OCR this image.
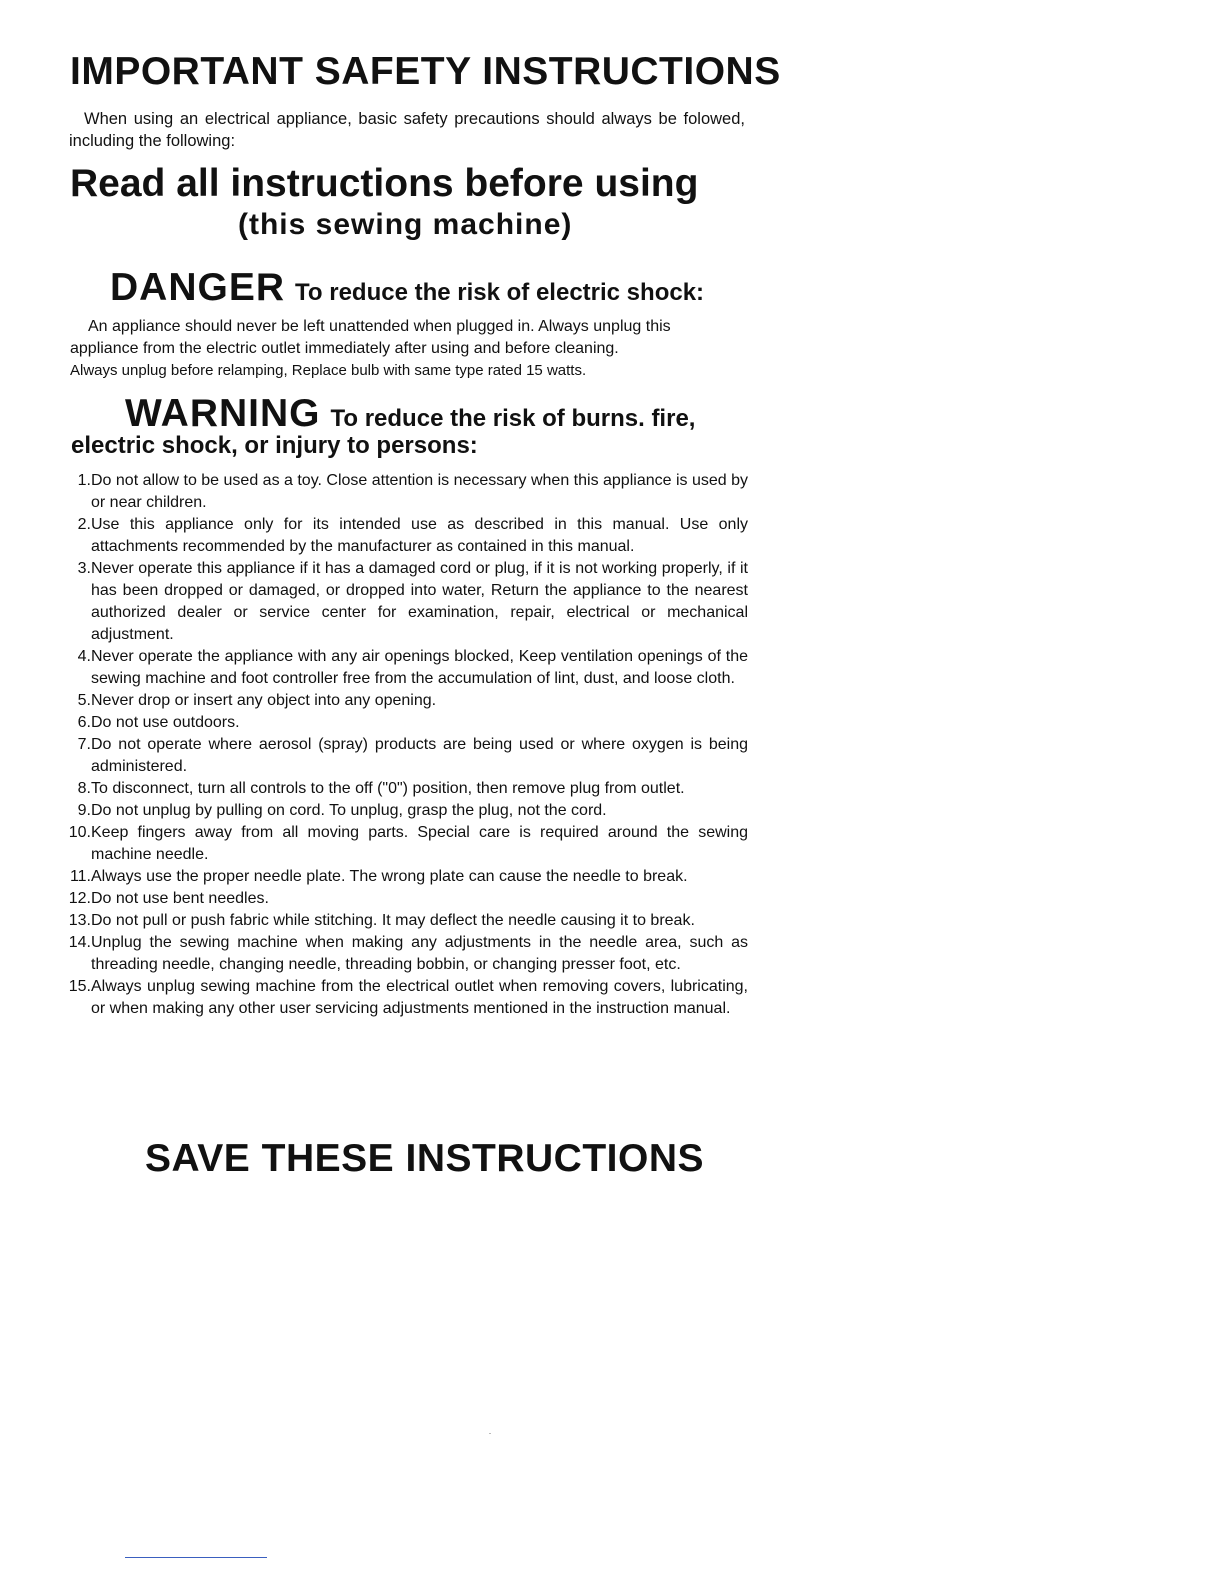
IMPORTANT SAFETY INSTRUCTIONS
When using an electrical appliance, basic safety precautions should always be folowed, including the following:
Read all instructions before using
(this sewing machine)
DANGER To reduce the risk of electric shock:
An appliance should never be left unattended when plugged in. Always unplug this
appliance from the electric outlet immediately after using and before cleaning.
Always unplug before relamping, Replace bulb with same type rated 15 watts.
WARNING To reduce the risk of burns. fire,
electric shock, or injury to persons:
1. Do not allow to be used as a toy. Close attention is necessary when this appliance is used by or near children.
2. Use this appliance only for its intended use as described in this manual. Use only attachments recommended by the manufacturer as contained in this manual.
3. Never operate this appliance if it has a damaged cord or plug, if it is not working properly, if it has been dropped or damaged, or dropped into water, Return the appliance to the nearest authorized dealer or service center for examination, repair, electrical or mechanical adjustment.
4. Never operate the appliance with any air openings blocked, Keep ventilation openings of the sewing machine and foot controller free from the accumulation of lint, dust, and loose cloth.
5. Never drop or insert any object into any opening.
6. Do not use outdoors.
7. Do not operate where aerosol (spray) products are being used or where oxygen is being administered.
8. To disconnect, turn all controls to the off ("0") position, then remove plug from outlet.
9. Do not unplug by pulling on cord. To unplug, grasp the plug, not the cord.
10. Keep fingers away from all moving parts. Special care is required around the sewing machine needle.
11. Always use the proper needle plate. The wrong plate can cause the needle to break.
12. Do not use bent needles.
13. Do not pull or push fabric while stitching. It may deflect the needle causing it to break.
14. Unplug the sewing machine when making any adjustments in the needle area, such as threading needle, changing needle, threading bobbin, or changing presser foot, etc.
15. Always unplug sewing machine from the electrical outlet when removing covers, lubricating, or when making any other user servicing adjustments mentioned in the instruction manual.
SAVE THESE INSTRUCTIONS
